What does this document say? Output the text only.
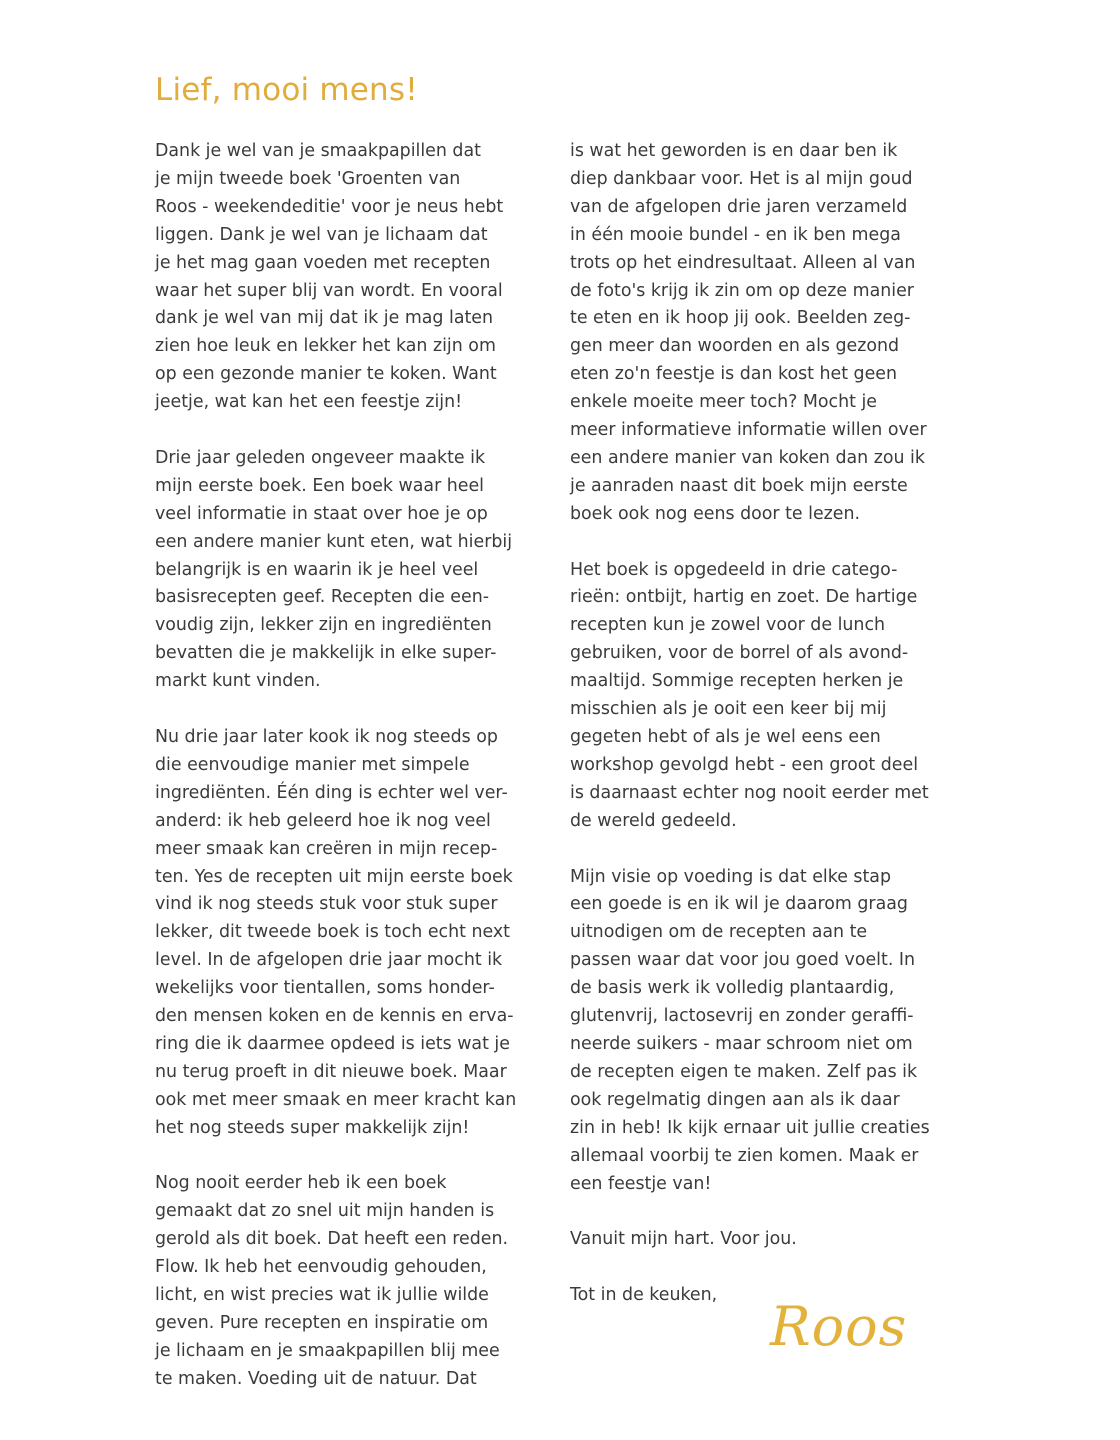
Lief, mooi mens!

Dank je wel van je smaakpapillen dat
je mijn tweede boek 'Groenten van
Roos - weekendeditie' voor je neus hebt
liggen. Dank je wel van je lichaam dat
je het mag gaan voeden met recepten
waar het super blij van wordt. En vooral
dank je wel van mij dat ik je mag laten
zien hoe leuk en lekker het kan zijn om
op een gezonde manier te koken. Want
jeetje, wat kan het een feestje zijn!

Drie jaar geleden ongeveer maakte ik
mijn eerste boek. Een boek waar heel
veel informatie in staat over hoe je op
een andere manier kunt eten, wat hierbij
belangrijk is en waarin ik je heel veel
basisrecepten geef. Recepten die een-
voudig zijn, lekker zijn en ingrediënten
bevatten die je makkelijk in elke super-
markt kunt vinden.

Nu drie jaar later kook ik nog steeds op
die eenvoudige manier met simpele
ingrediënten. Één ding is echter wel ver-
anderd: ik heb geleerd hoe ik nog veel
meer smaak kan creëren in mijn recep-
ten. Yes de recepten uit mijn eerste boek
vind ik nog steeds stuk voor stuk super
lekker, dit tweede boek is toch echt next
level. In de afgelopen drie jaar mocht ik
wekelijks voor tientallen, soms honder-
den mensen koken en de kennis en erva-
ring die ik daarmee opdeed is iets wat je
nu terug proeft in dit nieuwe boek. Maar
ook met meer smaak en meer kracht kan
het nog steeds super makkelijk zijn!

Nog nooit eerder heb ik een boek
gemaakt dat zo snel uit mijn handen is
gerold als dit boek. Dat heeft een reden.
Flow. Ik heb het eenvoudig gehouden,
licht, en wist precies wat ik jullie wilde
geven. Pure recepten en inspiratie om
je lichaam en je smaakpapillen blij mee
te maken. Voeding uit de natuur. Dat

is wat het geworden is en daar ben ik
diep dankbaar voor. Het is al mijn goud
van de afgelopen drie jaren verzameld
in één mooie bundel - en ik ben mega
trots op het eindresultaat. Alleen al van
de foto's krijg ik zin om op deze manier
te eten en ik hoop jij ook. Beelden zeg-
gen meer dan woorden en als gezond
eten zo'n feestje is dan kost het geen
enkele moeite meer toch? Mocht je
meer informatieve informatie willen over
een andere manier van koken dan zou ik
je aanraden naast dit boek mijn eerste
boek ook nog eens door te lezen.

Het boek is opgedeeld in drie catego-
rieën: ontbijt, hartig en zoet. De hartige
recepten kun je zowel voor de lunch
gebruiken, voor de borrel of als avond-
maaltijd. Sommige recepten herken je
misschien als je ooit een keer bij mij
gegeten hebt of als je wel eens een
workshop gevolgd hebt - een groot deel
is daarnaast echter nog nooit eerder met
de wereld gedeeld.

Mijn visie op voeding is dat elke stap
een goede is en ik wil je daarom graag
uitnodigen om de recepten aan te
passen waar dat voor jou goed voelt. In
de basis werk ik volledig plantaardig,
glutenvrij, lactosevrij en zonder geraffi-
neerde suikers - maar schroom niet om
de recepten eigen te maken. Zelf pas ik
ook regelmatig dingen aan als ik daar
zin in heb! Ik kijk ernaar uit jullie creaties
allemaal voorbij te zien komen. Maak er
een feestje van!

Vanuit mijn hart. Voor jou.

Tot in de keuken, Roos
